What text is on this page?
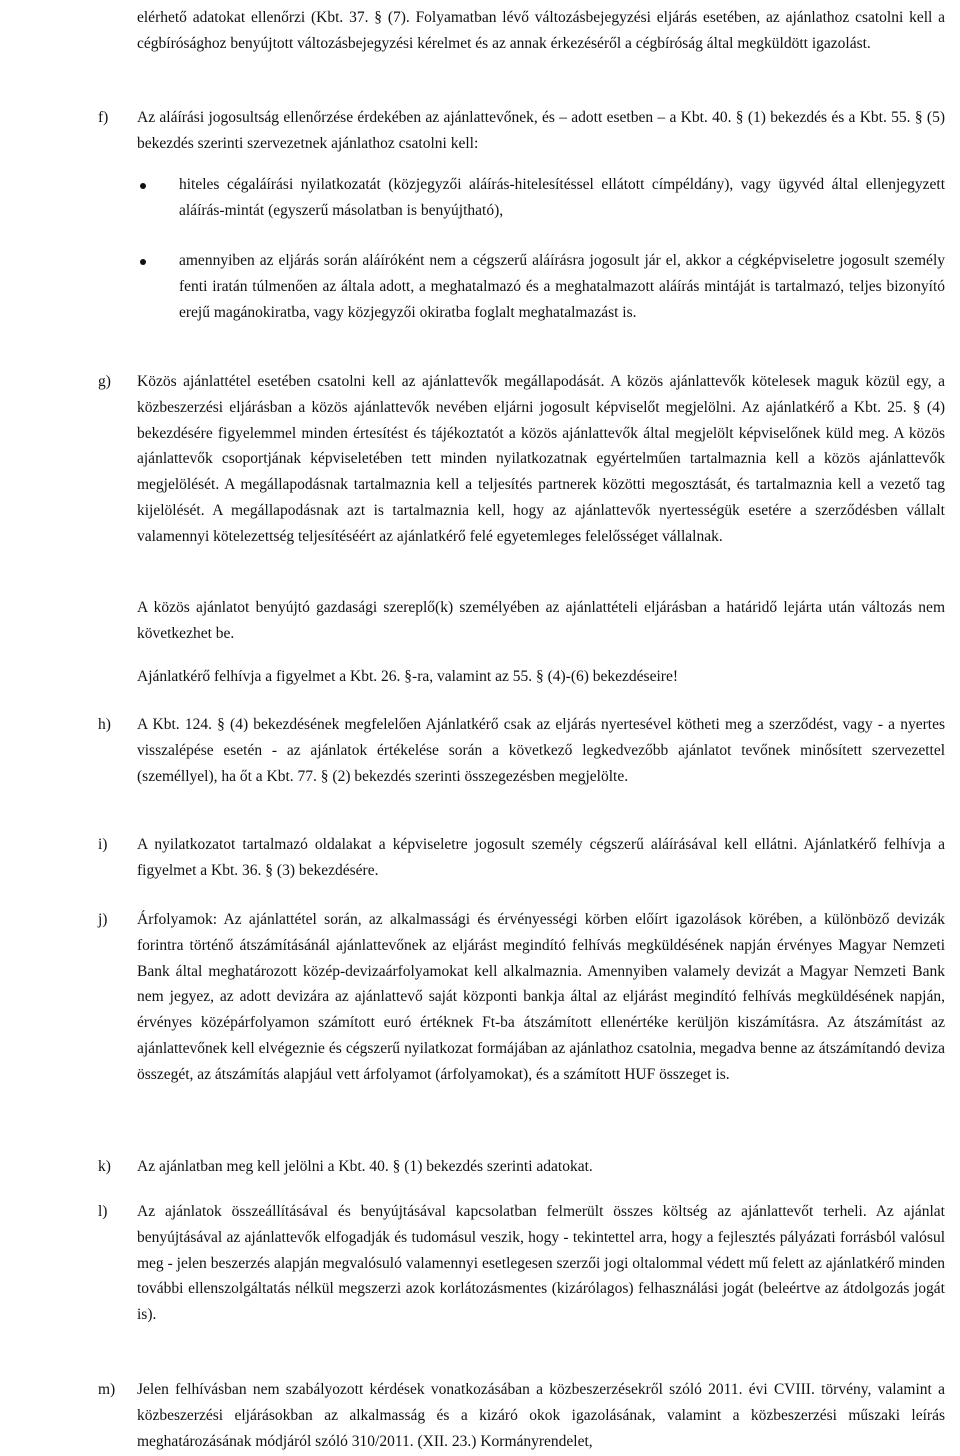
elérhető adatokat ellenőrzi (Kbt. 37. § (7). Folyamatban lévő változásbejegyzési eljárás esetében, az ajánlathoz csatolni kell a cégbírósághoz benyújtott változásbejegyzési kérelmet és az annak érkezéséről a cégbíróság által megküldött igazolást.

f) Az aláírási jogosultság ellenőrzése érdekében az ajánlattevőnek, és – adott esetben – a Kbt. 40. § (1) bekezdés és a Kbt. 55. § (5) bekezdés szerinti szervezetnek ajánlathoz csatolni kell:

hiteles cégaláírási nyilatkozatát (közjegyzői aláírás-hitelesítéssel ellátott címpéldány), vagy ügyvéd által ellenjegyzett aláírás-mintát (egyszerű másolatban is benyújtható),

amennyiben az eljárás során aláíróként nem a cégszerű aláírásra jogosult jár el, akkor a cégképviseletre jogosult személy fenti iratán túlmenően az általa adott, a meghatalmazó és a meghatalmazott aláírás mintáját is tartalmazó, teljes bizonyító erejű magánokiratba, vagy közjegyzői okiratba foglalt meghatalmazást is.

g) Közös ajánlattétel esetében csatolni kell az ajánlattevők megállapodását. A közös ajánlattevők kötelesek maguk közül egy, a közbeszerzési eljárásban a közös ajánlattevők nevében eljárni jogosult képviselőt megjelölni. Az ajánlatkérő a Kbt. 25. § (4) bekezdésére figyelemmel minden értesítést és tájékoztatót a közös ajánlattevők által megjelölt képviselőnek küld meg. A közös ajánlattevők csoportjának képviseletében tett minden nyilatkozatnak egyértelműen tartalmaznia kell a közös ajánlattevők megjelölését. A megállapodásnak tartalmaznia kell a teljesítés partnerek közötti megosztását, és tartalmaznia kell a vezető tag kijelölését. A megállapodásnak azt is tartalmaznia kell, hogy az ajánlattevők nyertességük esetére a szerződésben vállalt valamennyi kötelezettség teljesítéséért az ajánlatkérő felé egyetemleges felelősséget vállalnak.

A közös ajánlatot benyújtó gazdasági szereplő(k) személyében az ajánlattételi eljárásban a határidő lejárta után változás nem következhet be.

Ajánlatkérő felhívja a figyelmet a Kbt. 26. §-ra, valamint az 55. § (4)-(6) bekezdéseire!

h) A Kbt. 124. § (4) bekezdésének megfelelően Ajánlatkérő csak az eljárás nyertesével kötheti meg a szerződést, vagy - a nyertes visszalépése esetén - az ajánlatok értékelése során a következő legkedvezőbb ajánlatot tevőnek minősített szervezettel (személlyel), ha őt a Kbt. 77. § (2) bekezdés szerinti összegezésben megjelölte.

i) A nyilatkozatot tartalmazó oldalakat a képviseletre jogosult személy cégszerű aláírásával kell ellátni. Ajánlatkérő felhívja a figyelmet a Kbt. 36. § (3) bekezdésére.

j) Árfolyamok: Az ajánlattétel során, az alkalmassági és érvényességi körben előírt igazolások körében, a különböző devizák forintra történő átszámításánál ajánlattevőnek az eljárást megindító felhívás megküldésének napján érvényes Magyar Nemzeti Bank által meghatározott közép-devizaárfolyamokat kell alkalmaznia. Amennyiben valamely devizát a Magyar Nemzeti Bank nem jegyez, az adott devizára az ajánlattevő saját központi bankja által az eljárást megindító felhívás megküldésének napján, érvényes középárfolyamon számított euró értéknek Ft-ba átszámított ellenértéke kerüljön kiszámításra. Az átszámítást az ajánlattevőnek kell elvégeznie és cégszerű nyilatkozat formájában az ajánlathoz csatolnia, megadva benne az átszámítandó deviza összegét, az átszámítás alapjául vett árfolyamot (árfolyamokat), és a számított HUF összeget is.

k) Az ajánlatban meg kell jelölni a Kbt. 40. § (1) bekezdés szerinti adatokat.

l) Az ajánlatok összeállításával és benyújtásával kapcsolatban felmerült összes költség az ajánlattevőt terheli. Az ajánlat benyújtásával az ajánlattevők elfogadják és tudomásul veszik, hogy - tekintettel arra, hogy a fejlesztés pályázati forrásból valósul meg - jelen beszerzés alapján megvalósuló valamennyi esetlegesen szerzői jogi oltalommal védett mű felett az ajánlatkérő minden további ellenszolgáltatás nélkül megszerzi azok korlátozásmentes (kizárólagos) felhasználási jogát (beleértve az átdolgozás jogát is).

m) Jelen felhívásban nem szabályozott kérdések vonatkozásában a közbeszerzésekről szóló 2011. évi CVIII. törvény, valamint a közbeszerzési eljárásokban az alkalmasság és a kizáró okok igazolásának, valamint a közbeszerzési műszaki leírás meghatározásának módjáról szóló 310/2011. (XII. 23.) Kormányrendelet,
